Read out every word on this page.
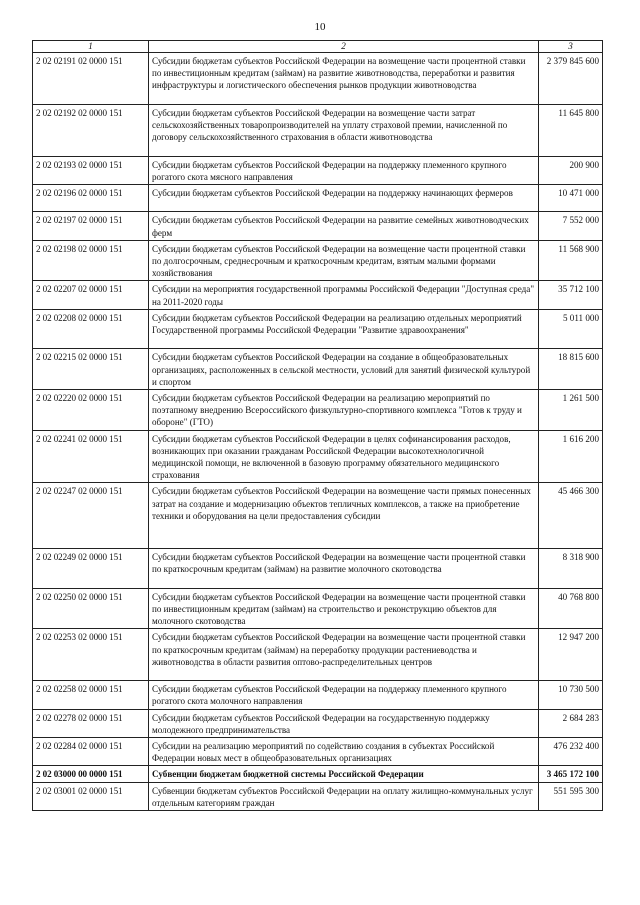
10
1	2	3
2 02 02191 02 0000 151	Субсидии бюджетам субъектов Российской Федерации на возмещение части процентной ставки по инвестиционным кредитам (займам) на развитие животноводства, переработки и развития инфраструктуры и логистического обеспечения рынков продукции животноводства	2 379 845 600
2 02 02192 02 0000 151	Субсидии бюджетам субъектов Российской Федерации на возмещение части затрат сельскохозяйственных товаропроизводителей на уплату страховой премии, начисленной по договору сельскохозяйственного страхования в области животноводства	11 645 800
2 02 02193 02 0000 151	Субсидии бюджетам субъектов Российской Федерации на поддержку племенного крупного рогатого скота мясного направления	200 900
2 02 02196 02 0000 151	Субсидии бюджетам субъектов Российской Федерации на поддержку начинающих фермеров	10 471 000
2 02 02197 02 0000 151	Субсидии бюджетам субъектов Российской Федерации на развитие семейных животноводческих ферм	7 552 000
2 02 02198 02 0000 151	Субсидии бюджетам субъектов Российской Федерации на возмещение части процентной ставки по долгосрочным, среднесрочным и краткосрочным кредитам, взятым малыми формами хозяйствования	11 568 900
2 02 02207 02 0000 151	Субсидии на мероприятия государственной программы Российской Федерации "Доступная среда" на 2011-2020 годы	35 712 100
2 02 02208 02 0000 151	Субсидии бюджетам субъектов Российской Федерации на реализацию отдельных мероприятий Государственной программы Российской Федерации "Развитие здравоохранения"	5 011 000
2 02 02215 02 0000 151	Субсидии бюджетам субъектов Российской Федерации на создание в общеобразовательных организациях, расположенных в сельской местности, условий для занятий физической культурой и спортом	18 815 600
2 02 02220 02 0000 151	Субсидии бюджетам субъектов Российской Федерации на реализацию мероприятий по поэтапному внедрению Всероссийского физкультурно-спортивного комплекса "Готов к труду и обороне" (ГТО)	1 261 500
2 02 02241 02 0000 151	Субсидии бюджетам субъектов Российской Федерации в целях софинансирования расходов, возникающих при оказании гражданам Российской Федерации высокотехнологичной медицинской помощи, не включенной в базовую программу обязательного медицинского страхования	1 616 200
2 02 02247 02 0000 151	Субсидии бюджетам субъектов Российской Федерации на возмещение части прямых понесенных затрат на создание и модернизацию объектов тепличных комплексов, а также на приобретение техники и оборудования на цели предоставления субсидии	45 466 300
2 02 02249 02 0000 151	Субсидии бюджетам субъектов Российской Федерации на возмещение части процентной ставки по краткосрочным кредитам (займам) на развитие молочного скотоводства	8 318 900
2 02 02250 02 0000 151	Субсидии бюджетам субъектов Российской Федерации на возмещение части процентной ставки по инвестиционным кредитам (займам) на строительство и реконструкцию объектов для молочного скотоводства	40 768 800
2 02 02253 02 0000 151	Субсидии бюджетам субъектов Российской Федерации на возмещение части процентной ставки по краткосрочным кредитам (займам) на переработку продукции растениеводства и животноводства в области развития оптово-распределительных центров	12 947 200
2 02 02258 02 0000 151	Субсидии бюджетам субъектов Российской Федерации на поддержку племенного крупного рогатого скота молочного направления	10 730 500
2 02 02278 02 0000 151	Субсидии бюджетам субъектов Российской Федерации на государственную поддержку молодежного предпринимательства	2 684 283
2 02 02284 02 0000 151	Субсидии на реализацию мероприятий по содействию создания в субъектах Российской Федерации новых мест в общеобразовательных организациях	476 232 400
2 02 03000 00 0000 151	Субвенции бюджетам бюджетной системы Российской Федерации	3 465 172 100
2 02 03001 02 0000 151	Субвенции бюджетам субъектов Российской Федерации на оплату жилищно-коммунальных услуг отдельным категориям граждан	551 595 300
